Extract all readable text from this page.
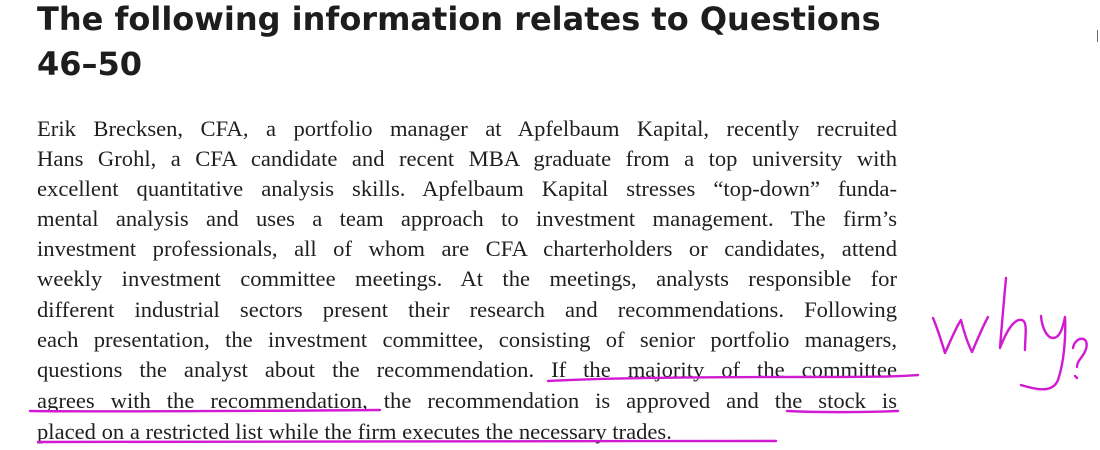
The following information relates to Questions
46–50

Erik Brecksen, CFA, a portfolio manager at Apfelbaum Kapital, recently recruited

Hans Grohl, a CFA candidate and recent MBA graduate from a top university with

excellent quantitative analysis skills. Apfelbaum Kapital stresses “top-down” funda-

mental analysis and uses a team approach to investment management. The firm’s

investment professionals, all of whom are CFA charterholders or candidates, attend

weekly investment committee meetings. At the meetings, analysts responsible for

different industrial sectors present their research and recommendations. Following

each presentation, the investment committee, consisting of senior portfolio managers,

questions the analyst about the recommendation. If the majority of the committee

agrees with the recommendation, the recommendation is approved and the stock is

placed on a restricted list while the firm executes the necessary trades.
